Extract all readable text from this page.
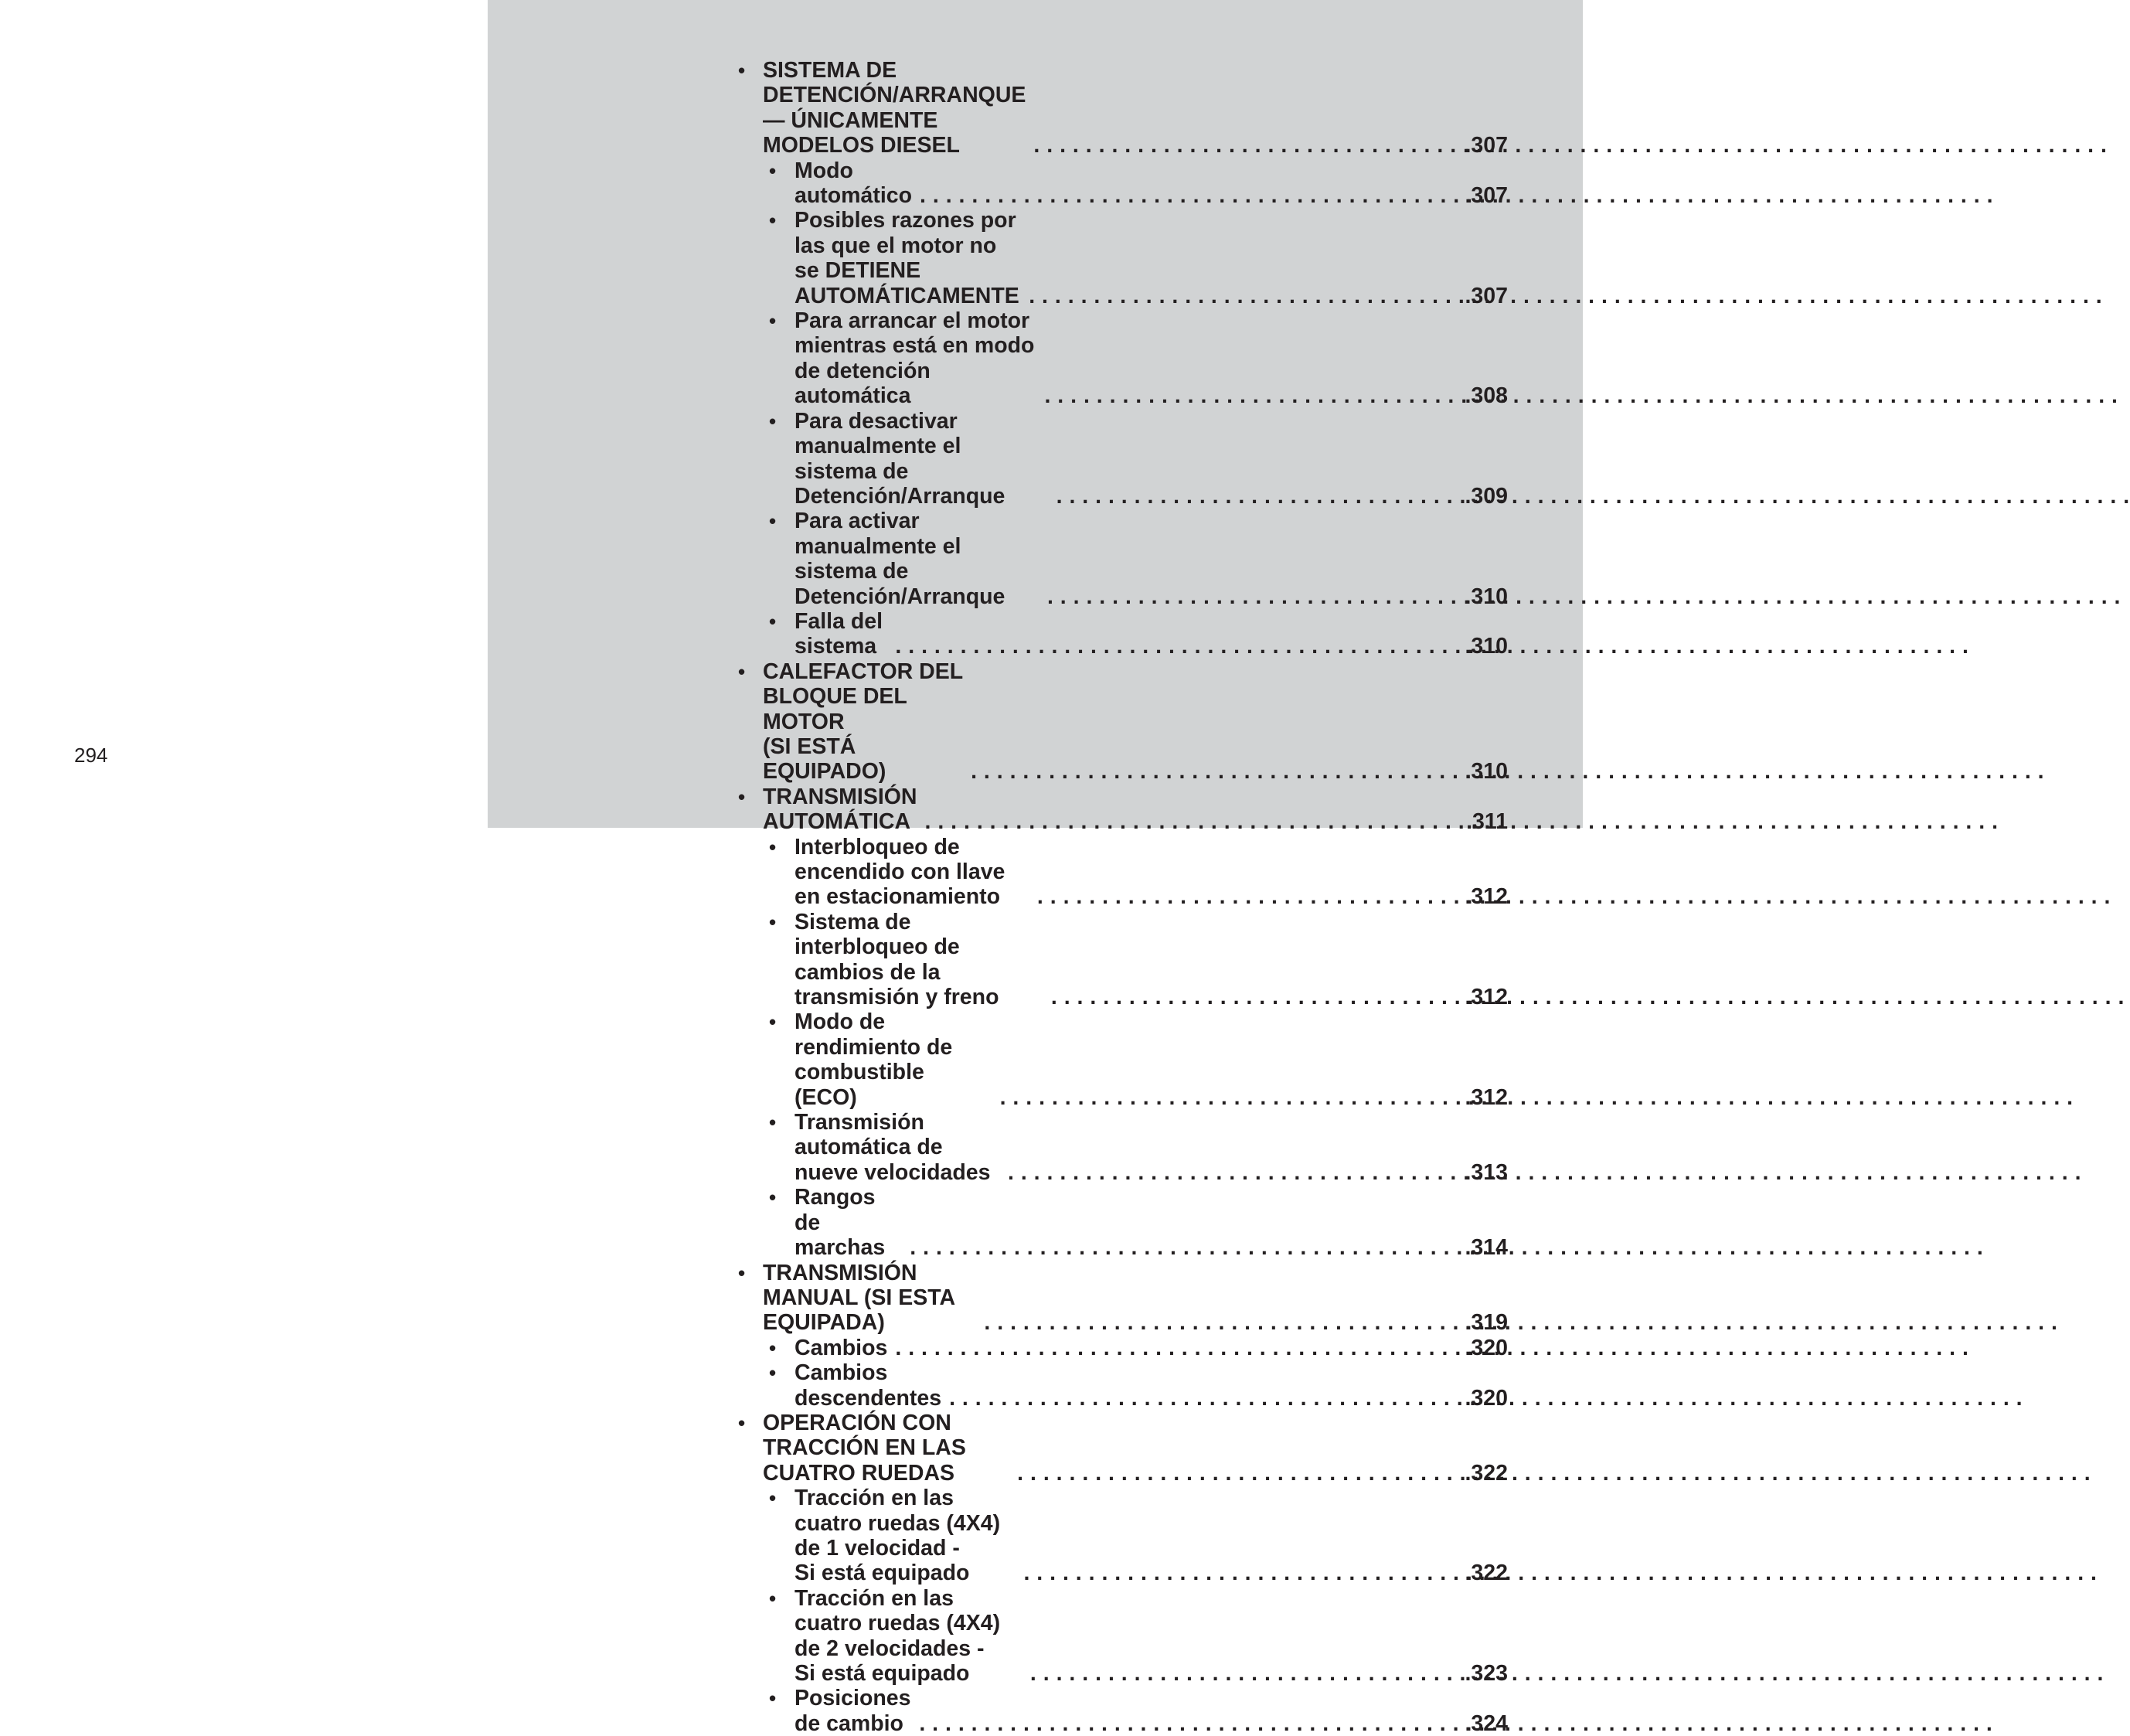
294
• SISTEMA DE DETENCIÓN/ARRANQUE — ÚNICAMENTE
MODELOS DIESEL . . .	.307
• Modo automático . . .	.307
• Posibles razones por las que el motor no se DETIENE
AUTOMÁTICAMENTE . . .	.307
• Para arrancar el motor mientras está en modo de detención
automática . . .	.308
• Para desactivar manualmente el sistema de Detención/Arranque . . .	.309
• Para activar manualmente el sistema de Detención/Arranque . . .	.310
• Falla del sistema . . .	.310
• CALEFACTOR DEL BLOQUE DEL MOTOR
(SI ESTÁ EQUIPADO) . . .	.310
• TRANSMISIÓN AUTOMÁTICA . . .	.311
• Interbloqueo de encendido con llave en estacionamiento . . .	.312
• Sistema de interbloqueo de cambios de la transmisión y freno . . .	.312
• Modo de rendimiento de combustible (ECO) . . .	.312
• Transmisión automática de nueve velocidades . . .	.313
• Rangos de marchas . . .	.314
• TRANSMISIÓN MANUAL (SI ESTA EQUIPADA) . . .	.319
• Cambios . . .	.320
• Cambios descendentes . . .	.320
• OPERACIÓN CON TRACCIÓN EN LAS CUATRO RUEDAS . . .	.322
• Tracción en las cuatro ruedas (4X4) de 1 velocidad -
Si está equipado . . .	.322
• Tracción en las cuatro ruedas (4X4) de 2 velocidades -
Si está equipado . . .	.323
• Posiciones de cambio . . .	.324
